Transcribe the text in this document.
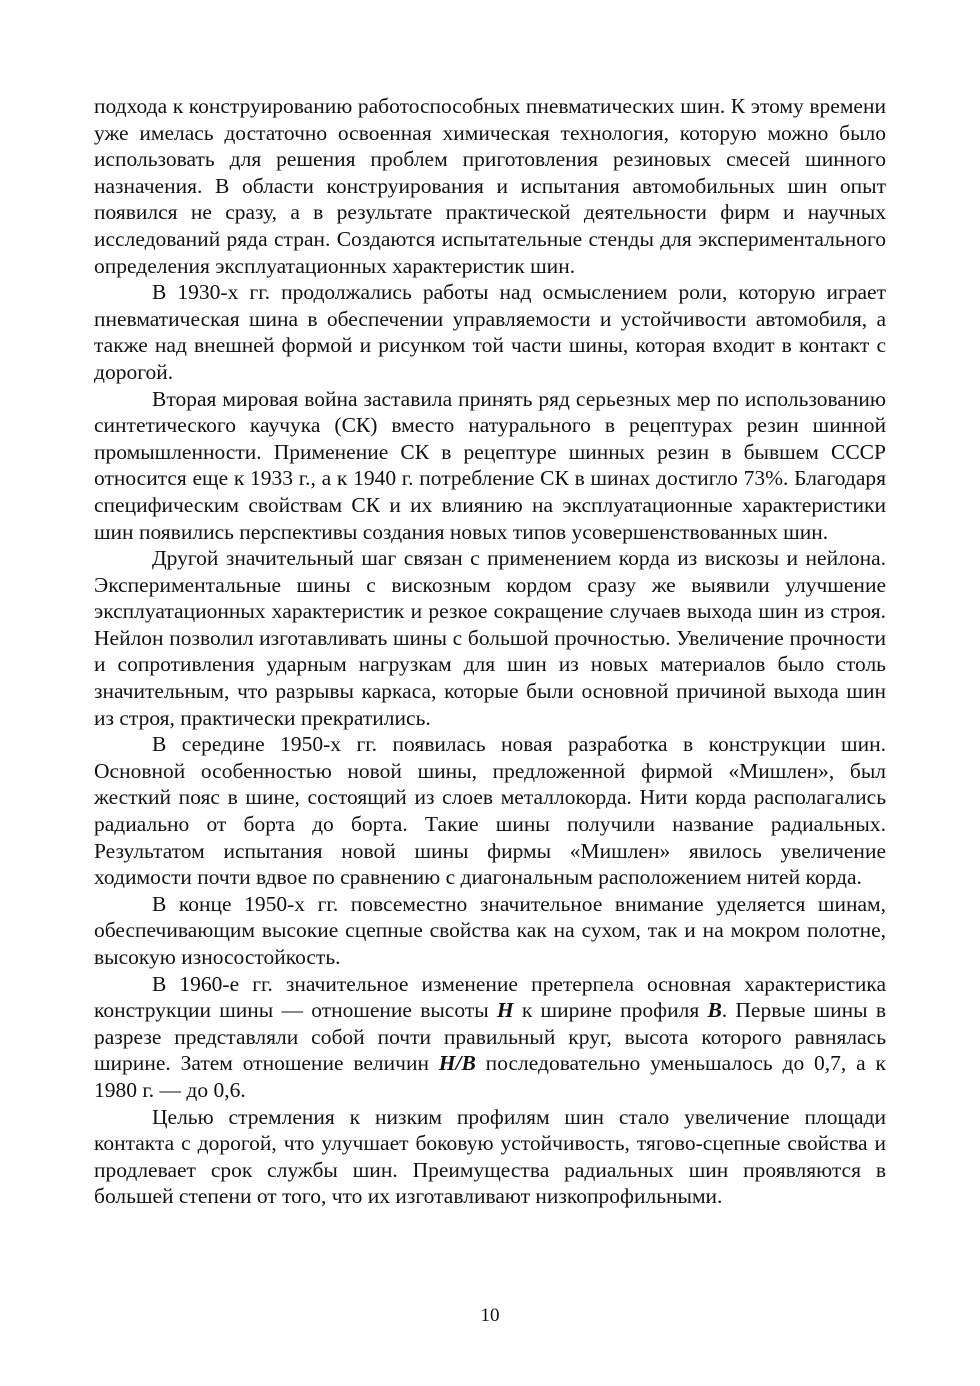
подхода к конструированию работоспособных пневматических шин. К этому времени уже имелась достаточно освоенная химическая технология, которую можно было использовать для решения проблем приготовления резиновых смесей шинного назначения. В области конструирования и испытания автомобильных шин опыт появился не сразу, а в результате практической деятельности фирм и научных исследований ряда стран. Создаются испытательные стенды для экспериментального определения эксплуатационных характеристик шин.

В 1930-х гг. продолжались работы над осмыслением роли, которую играет пневматическая шина в обеспечении управляемости и устойчивости автомобиля, а также над внешней формой и рисунком той части шины, которая входит в контакт с дорогой.

Вторая мировая война заставила принять ряд серьезных мер по использованию синтетического каучука (СК) вместо натурального в рецептурах резин шинной промышленности. Применение СК в рецептуре шинных резин в бывшем СССР относится еще к 1933 г., а к 1940 г. потребление СК в шинах достигло 73%. Благодаря специфическим свойствам СК и их влиянию на эксплуатационные характеристики шин появились перспективы создания новых типов усовершенствованных шин.

Другой значительный шаг связан с применением корда из вискозы и нейлона. Экспериментальные шины с вискозным кордом сразу же выявили улучшение эксплуатационных характеристик и резкое сокращение случаев выхода шин из строя. Нейлон позволил изготавливать шины с большой прочностью. Увеличение прочности и сопротивления ударным нагрузкам для шин из новых материалов было столь значительным, что разрывы каркаса, которые были основной причиной выхода шин из строя, практически прекратились.

В середине 1950-х гг. появилась новая разработка в конструкции шин. Основной особенностью новой шины, предложенной фирмой «Мишлен», был жесткий пояс в шине, состоящий из слоев металлокорда. Нити корда располагались радиально от борта до борта. Такие шины получили название радиальных. Результатом испытания новой шины фирмы «Мишлен» явилось увеличение ходимости почти вдвое по сравнению с диагональным расположением нитей корда.

В конце 1950-х гг. повсеместно значительное внимание уделяется шинам, обеспечивающим высокие сцепные свойства как на сухом, так и на мокром полотне, высокую износостойкость.

В 1960-е гг. значительное изменение претерпела основная характеристика конструкции шины — отношение высоты H к ширине профиля B. Первые шины в разрезе представляли собой почти правильный круг, высота которого равнялась ширине. Затем отношение величин H/B последовательно уменьшалось до 0,7, а к 1980 г. — до 0,6.

Целью стремления к низким профилям шин стало увеличение площади контакта с дорогой, что улучшает боковую устойчивость, тягово-сцепные свойства и продлевает срок службы шин. Преимущества радиальных шин проявляются в большей степени от того, что их изготавливают низкопрофильными.

10
